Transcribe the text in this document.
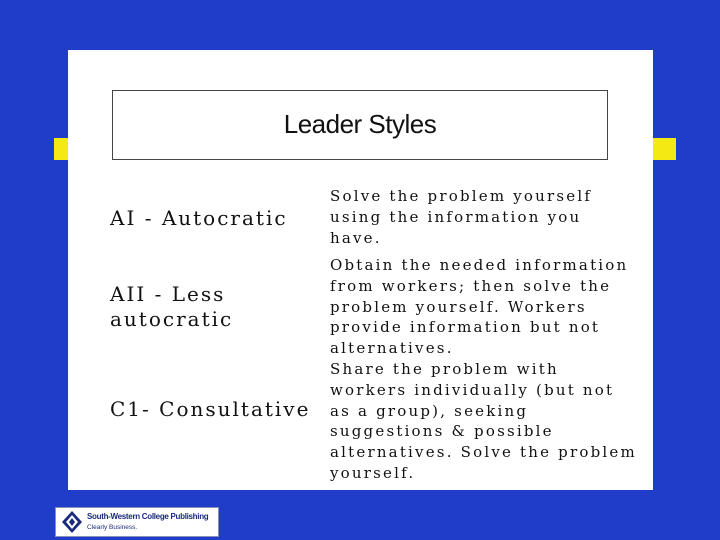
Leader Styles
AI - Autocratic
Solve the problem yourself using the information you have.
AII - Less
autocratic
Obtain the needed information from workers; then solve the problem yourself. Workers provide information but not alternatives.
C1- Consultative
Share the problem with workers individually (but not as a group), seeking suggestions & possible alternatives. Solve the problem yourself.
South-Western College Publishing
Clearly Business.
